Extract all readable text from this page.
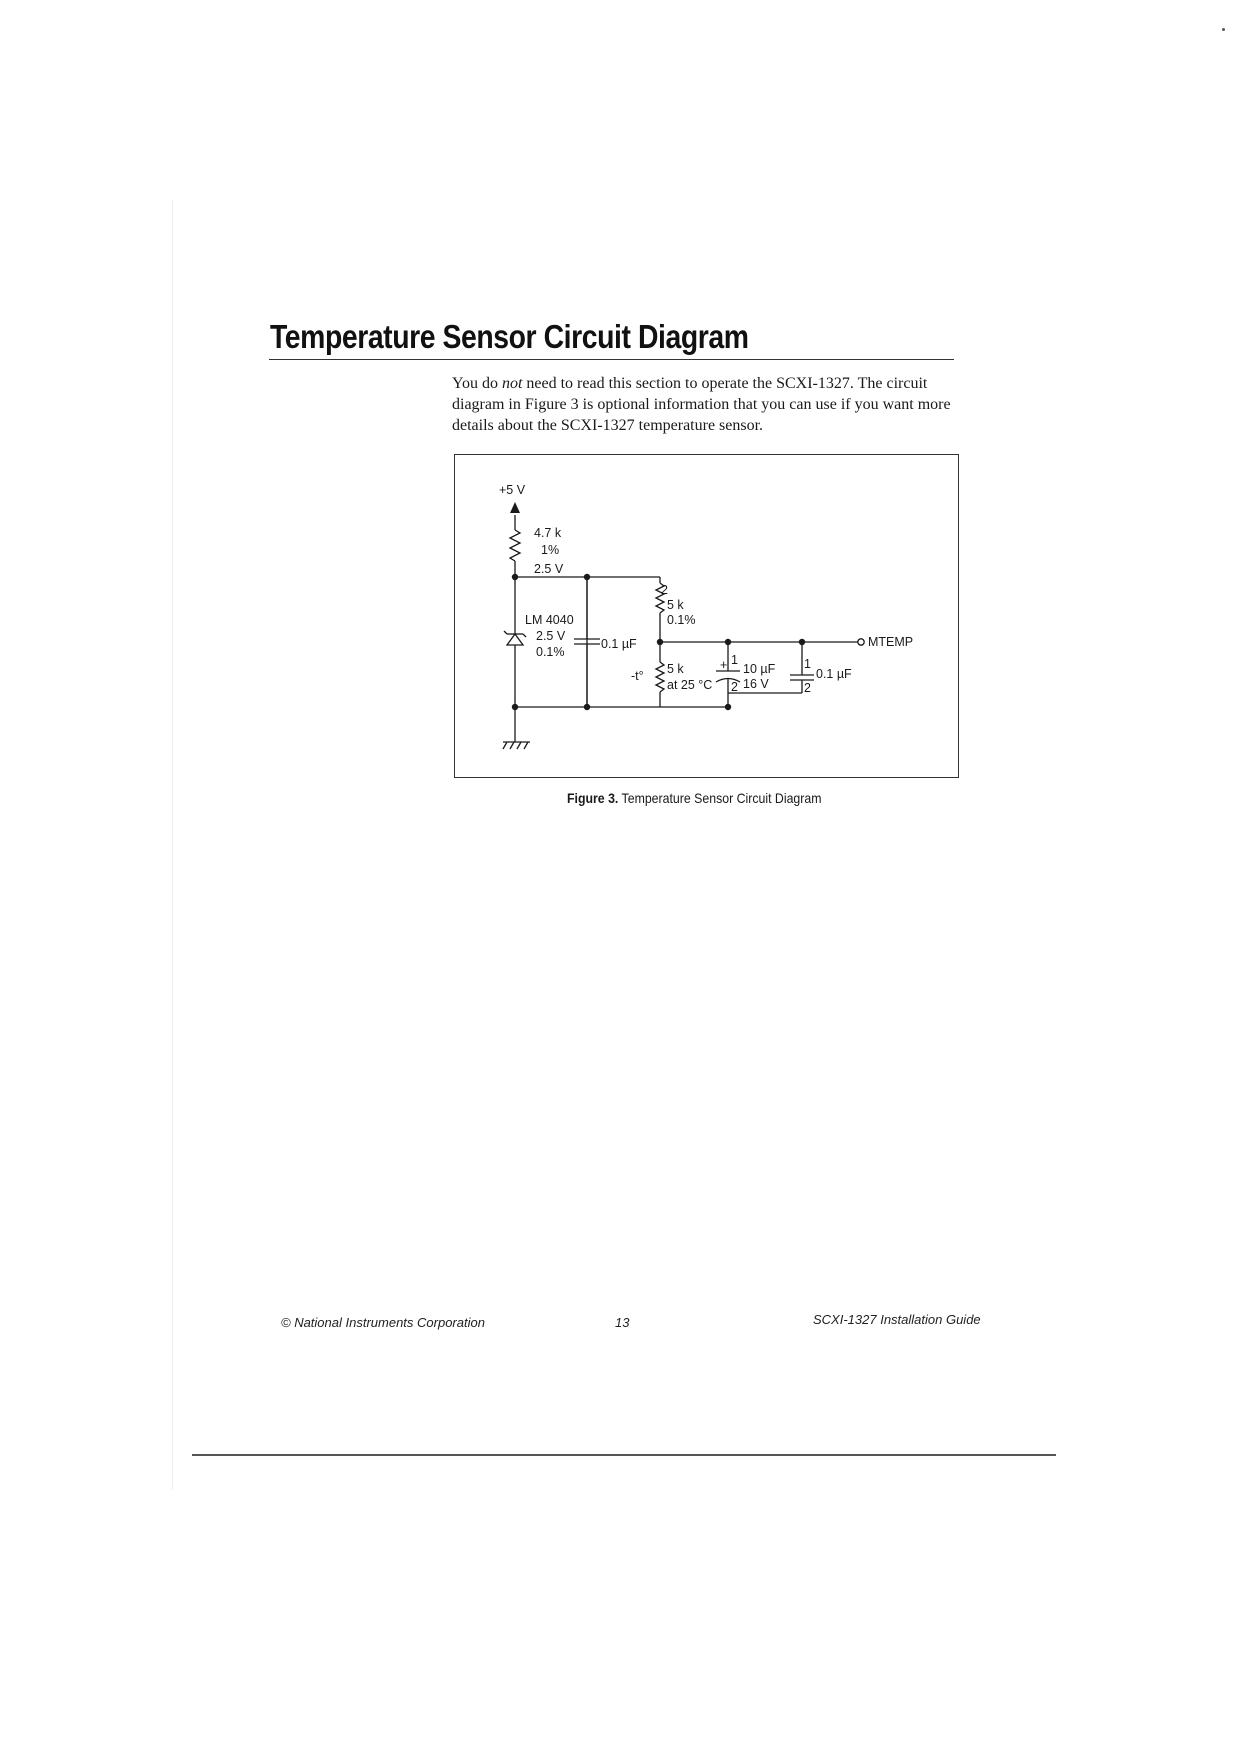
Temperature Sensor Circuit Diagram

You do not need to read this section to operate the SCXI-1327. The circuit diagram in Figure 3 is optional information that you can use if you want more details about the SCXI-1327 temperature sensor.

+5 V
4.7 k
1%
2.5 V
LM 4040
2.5 V
0.1%
0.1 µF
2
5 k
0.1%
-t° 5 k
at 25 °C
+ 1
2
10 µF
16 V
1
2
0.1 µF
MTEMP
Figure 3. Temperature Sensor Circuit Diagram
© National Instruments Corporation	13	SCXI-1327 Installation Guide
